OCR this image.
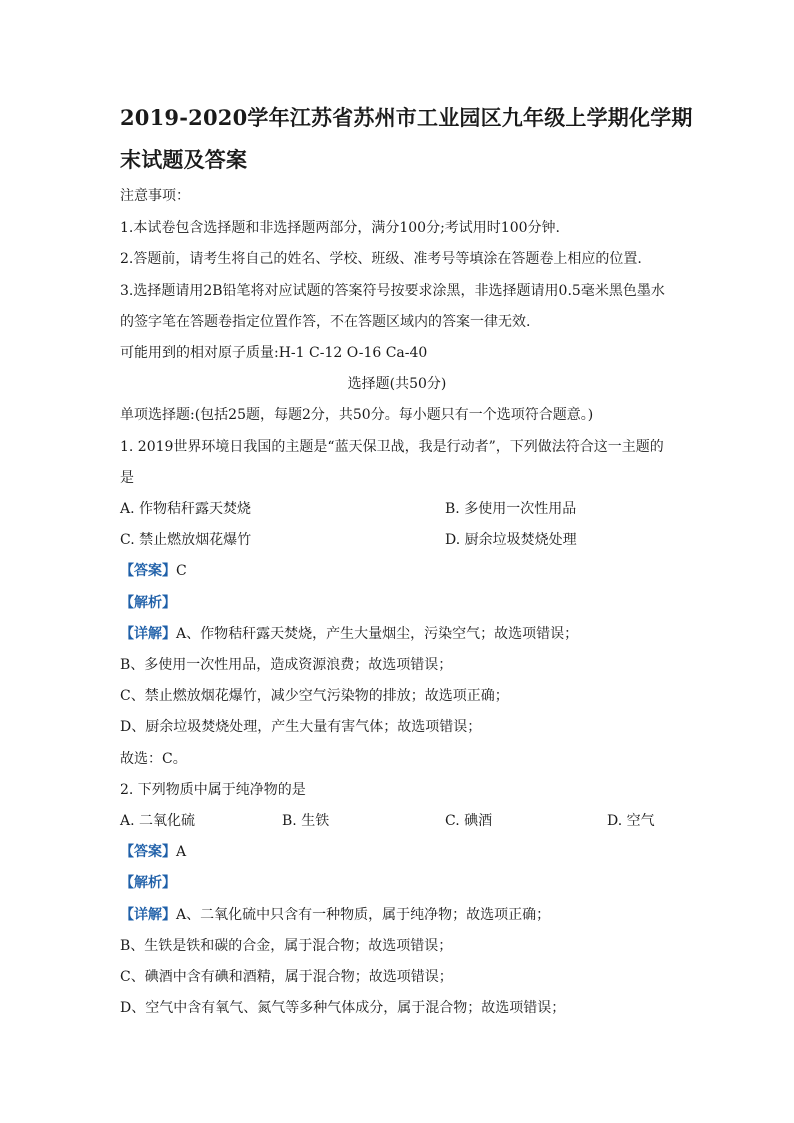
2019-2020学年江苏省苏州市工业园区九年级上学期化学期
末试题及答案
注意事项：
1.本试卷包含选择题和非选择题两部分，满分100分;考试用时100分钟.
2.答题前，请考生将自己的姓名、学校、班级、准考号等填涂在答题卷上相应的位置.
3.选择题请用2B铅笔将对应试题的答案符号按要求涂黑，非选择题请用0.5毫米黑色墨水
的签字笔在答题卷指定位置作答，不在答题区域内的答案一律无效.
可能用到的相对原子质量:H-1 C-12 O-16 Ca-40
选择题(共50分)
单项选择题:(包括25题，每题2分，共50分。每小题只有一个选项符合题意。)
1. 2019世界环境日我国的主题是“蓝天保卫战，我是行动者”，下列做法符合这一主题的
是
A. 作物秸秆露天焚烧	B. 多使用一次性用品
C. 禁止燃放烟花爆竹	D. 厨余垃圾焚烧处理
【答案】C
【解析】
【详解】A、作物秸秆露天焚烧，产生大量烟尘，污染空气；故选项错误；
B、多使用一次性用品，造成资源浪费；故选项错误；
C、禁止燃放烟花爆竹，减少空气污染物的排放；故选项正确；
D、厨余垃圾焚烧处理，产生大量有害气体；故选项错误；
故选：C。
2. 下列物质中属于纯净物的是
A. 二氧化硫	B. 生铁	C. 碘酒	D. 空气
【答案】A
【解析】
【详解】A、二氧化硫中只含有一种物质，属于纯净物；故选项正确；
B、生铁是铁和碳的合金，属于混合物；故选项错误；
C、碘酒中含有碘和酒精，属于混合物；故选项错误；
D、空气中含有氧气、氮气等多种气体成分，属于混合物；故选项错误；
